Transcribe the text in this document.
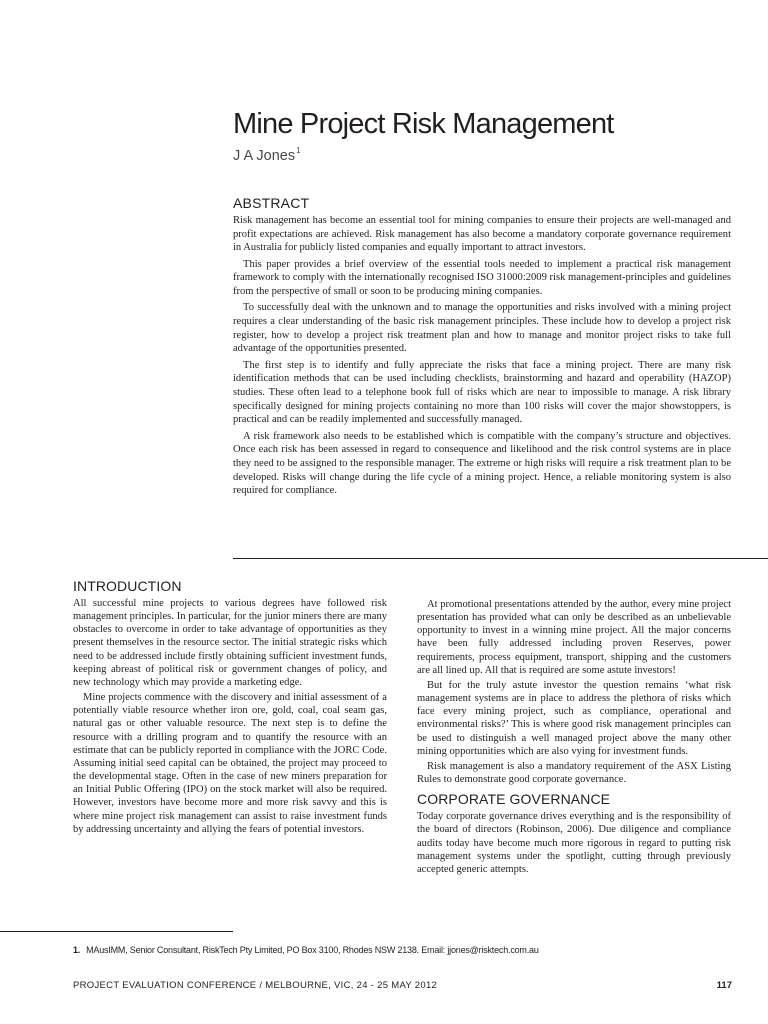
Mine Project Risk Management
J A Jones$^1$
ABSTRACT

Risk management has become an essential tool for mining companies to ensure their projects are well-managed and profit expectations are achieved. Risk management has also become a mandatory corporate governance requirement in Australia for publicly listed companies and equally important to attract investors.

This paper provides a brief overview of the essential tools needed to implement a practical risk management framework to comply with the internationally recognised ISO 31000:2009 risk management-principles and guidelines from the perspective of small or soon to be producing mining companies.

To successfully deal with the unknown and to manage the opportunities and risks involved with a mining project requires a clear understanding of the basic risk management principles. These include how to develop a project risk register, how to develop a project risk treatment plan and how to manage and monitor project risks to take full advantage of the opportunities presented.

The first step is to identify and fully appreciate the risks that face a mining project. There are many risk identification methods that can be used including checklists, brainstorming and hazard and operability (HAZOP) studies. These often lead to a telephone book full of risks which are near to impossible to manage. A risk library specifically designed for mining projects containing no more than 100 risks will cover the major showstoppers, is practical and can be readily implemented and successfully managed.

A risk framework also needs to be established which is compatible with the company’s structure and objectives. Once each risk has been assessed in regard to consequence and likelihood and the risk control systems are in place they need to be assigned to the responsible manager. The extreme or high risks will require a risk treatment plan to be developed. Risks will change during the life cycle of a mining project. Hence, a reliable monitoring system is also required for compliance.

INTRODUCTION

All successful mine projects to various degrees have followed risk management principles. In particular, for the junior miners there are many obstacles to overcome in order to take advantage of opportunities as they present themselves in the resource sector. The initial strategic risks which need to be addressed include firstly obtaining sufficient investment funds, keeping abreast of political risk or government changes of policy, and new technology which may provide a marketing edge.

Mine projects commence with the discovery and initial assessment of a potentially viable resource whether iron ore, gold, coal, coal seam gas, natural gas or other valuable resource. The next step is to define the resource with a drilling program and to quantify the resource with an estimate that can be publicly reported in compliance with the JORC Code. Assuming initial seed capital can be obtained, the project may proceed to the developmental stage. Often in the case of new miners preparation for an Initial Public Offering (IPO) on the stock market will also be required. However, investors have become more and more risk savvy and this is where mine project risk management can assist to raise investment funds by addressing uncertainty and allying the fears of potential investors.

At promotional presentations attended by the author, every mine project presentation has provided what can only be described as an unbelievable opportunity to invest in a winning mine project. All the major concerns have been fully addressed including proven Reserves, power requirements, process equipment, transport, shipping and the customers are all lined up. All that is required are some astute investors!

But for the truly astute investor the question remains ‘what risk management systems are in place to address the plethora of risks which face every mining project, such as compliance, operational and environmental risks?’ This is where good risk management principles can be used to distinguish a well managed project above the many other mining opportunities which are also vying for investment funds.

Risk management is also a mandatory requirement of the ASX Listing Rules to demonstrate good corporate governance.

CORPORATE GOVERNANCE

Today corporate governance drives everything and is the responsibility of the board of directors (Robinson, 2006). Due diligence and compliance audits today have become much more rigorous in regard to putting risk management systems under the spotlight, cutting through previously accepted generic attempts.

1. MAusIMM, Senior Consultant, RiskTech Pty Limited, PO Box 3100, Rhodes NSW 2138. Email: jjones@risktech.com.au
PROJECT EVALUATION CONFERENCE / MELBOURNE, VIC, 24 - 25 MAY 2012	117
